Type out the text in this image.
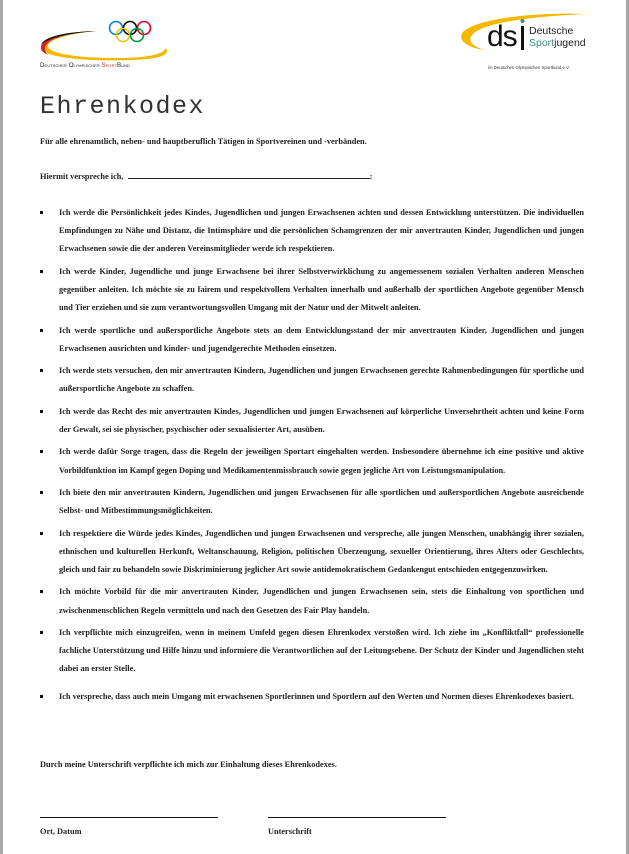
Deutscher Olympischer SportBund
ds Deutsche
Sportjugend
im Deutschen Olympischen Sportbund e.V.
Ehrenkodex
Für alle ehrenamtlich, neben- und hauptberuflich Tätigen in Sportvereinen und -verbänden.
Hiermit verspreche ich,	:
Ich werde die Persönlichkeit jedes Kindes, Jugendlichen und jungen Erwachsenen achten und dessen Entwicklung unterstützen. Die individuellen Empfindungen zu Nähe und Distanz, die Intimsphäre und die persönlichen Schamgrenzen der mir anvertrauten Kinder, Jugendlichen und jungen Erwachsenen sowie die der anderen Vereinsmitglieder werde ich respektieren.
Ich werde Kinder, Jugendliche und junge Erwachsene bei ihrer Selbstverwirklichung zu angemessenem sozialen Verhalten anderen Menschen gegenüber anleiten. Ich möchte sie zu fairem und respektvollem Verhalten innerhalb und außerhalb der sportlichen Angebote gegenüber Mensch und Tier erziehen und sie zum verantwortungsvollen Umgang mit der Natur und der Mitwelt anleiten.
Ich werde sportliche und außersportliche Angebote stets an dem Entwicklungsstand der mir anvertrauten Kinder, Jugendlichen und jungen Erwachsenen ausrichten und kinder- und jugendgerechte Methoden einsetzen.
Ich werde stets versuchen, den mir anvertrauten Kindern, Jugendlichen und jungen Erwachsenen gerechte Rahmenbedingungen für sportliche und außersportliche Angebote zu schaffen.
Ich werde das Recht des mir anvertrauten Kindes, Jugendlichen und jungen Erwachsenen auf körperliche Unversehrtheit achten und keine Form der Gewalt, sei sie physischer, psychischer oder sexualisierter Art, ausüben.
Ich werde dafür Sorge tragen, dass die Regeln der jeweiligen Sportart eingehalten werden. Insbesondere übernehme ich eine positive und aktive Vorbildfunktion im Kampf gegen Doping und Medikamentenmissbrauch sowie gegen jegliche Art von Leistungsmanipulation.
Ich biete den mir anvertrauten Kindern, Jugendlichen und jungen Erwachsenen für alle sportlichen und außersportlichen Angebote ausreichende Selbst- und Mitbestimmungsmöglichkeiten.
Ich respektiere die Würde jedes Kindes, Jugendlichen und jungen Erwachsenen und verspreche, alle jungen Menschen, unabhängig ihrer sozialen, ethnischen und kulturellen Herkunft, Weltanschauung, Religion, politischen Überzeugung, sexueller Orientierung, ihres Alters oder Geschlechts, gleich und fair zu behandeln sowie Diskriminierung jeglicher Art sowie antidemokratischem Gedankengut entschieden entgegenzuwirken.
Ich möchte Vorbild für die mir anvertrauten Kinder, Jugendlichen und jungen Erwachsenen sein, stets die Einhaltung von sportlichen und zwischenmenschlichen Regeln vermitteln und nach den Gesetzen des Fair Play handeln.
Ich verpflichte mich einzugreifen, wenn in meinem Umfeld gegen diesen Ehrenkodex verstoßen wird. Ich ziehe im „Konfliktfall“ professionelle fachliche Unterstützung und Hilfe hinzu und informiere die Verantwortlichen auf der Leitungsebene. Der Schutz der Kinder und Jugendlichen steht dabei an erster Stelle.
Ich verspreche, dass auch mein Umgang mit erwachsenen Sportlerinnen und Sportlern auf den Werten und Normen dieses Ehrenkodexes basiert.
Durch meine Unterschrift verpflichte ich mich zur Einhaltung dieses Ehrenkodexes.
Ort, Datum	Unterschrift
